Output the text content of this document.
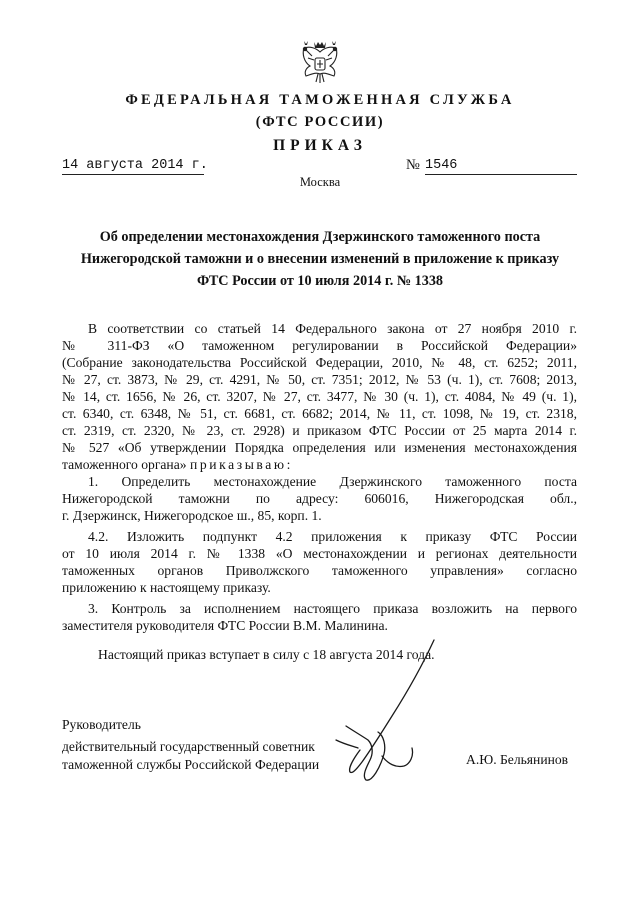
ФЕДЕРАЛЬНАЯ ТАМОЖЕННАЯ СЛУЖБА
(ФТС РОССИИ)
ПРИКАЗ
14 августа 2014 г.	№ 1546
Москва
Об определении местонахождения Дзержинского таможенного поста
Нижегородской таможни и о внесении изменений в приложение к приказу
ФТС России от 10 июля 2014 г. № 1338
В соответствии со статьей 14 Федерального закона от 27 ноября 2010 г.
№ 311-ФЗ «О таможенном регулировании в Российской Федерации»
(Собрание законодательства Российской Федерации, 2010, № 48, ст. 6252; 2011,
№ 27, ст. 3873, № 29, ст. 4291, № 50, ст. 7351; 2012, № 53 (ч. 1), ст. 7608; 2013,
№ 14, ст. 1656, № 26, ст. 3207, № 27, ст. 3477, № 30 (ч. 1), ст. 4084, № 49 (ч. 1),
ст. 6340, ст. 6348, № 51, ст. 6681, ст. 6682; 2014, № 11, ст. 1098, № 19, ст. 2318,
ст. 2319, ст. 2320, № 23, ст. 2928) и приказом ФТС России от 25 марта 2014 г.
№ 527 «Об утверждении Порядка определения или изменения местонахождения
таможенного органа» приказываю:
1. Определить местонахождение Дзержинского таможенного поста
Нижегородской таможни по адресу: 606016, Нижегородская обл.,
г. Дзержинск, Нижегородское ш., 85, корп. 1.
4.2. Изложить подпункт 4.2 приложения к приказу ФТС России
от 10 июля 2014 г. № 1338 «О местонахождении и регионах деятельности
таможенных органов Приволжского таможенного управления» согласно
приложению к настоящему приказу.
3. Контроль за исполнением настоящего приказа возложить на первого
заместителя руководителя ФТС России В.М. Малинина.
Настоящий приказ вступает в силу с 18 августа 2014 года.
Руководитель
действительный государственный советник
таможенной службы Российской Федерации	А.Ю. Бельянинов
